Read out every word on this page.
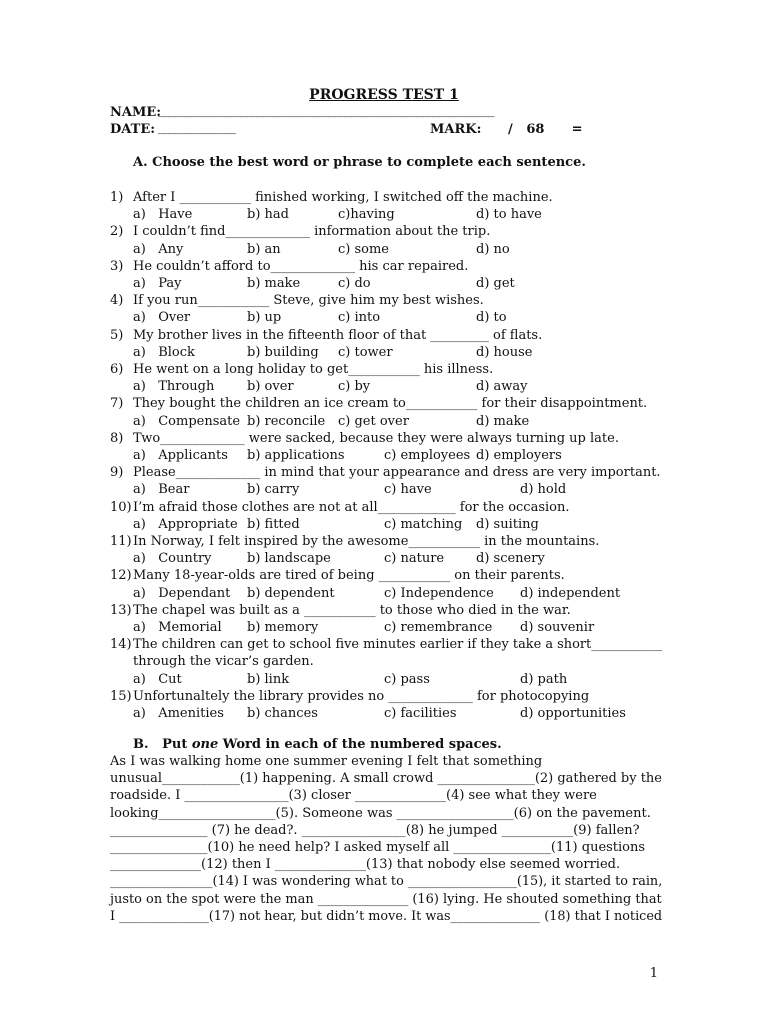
PROGRESS TEST 1
NAME:
_____________________________________________________________
DATE: ______________	MARK: /   68      =
A. Choose the best word or phrase to complete each sentence.
1) After I ___________ finished working, I switched off the machine.
a)   Have	b) had	c)having	d) to have
2) I couldn’t find_____________ information about the trip.
a)   Any	b) an	c) some	d) no
3) He couldn’t afford to_____________ his car repaired.
a)   Pay	b) make	c) do	d) get
4) If you run___________ Steve, give him my best wishes.
a)   Over	b) up	c) into	d) to
5) My brother lives in the fifteenth floor of that _________ of flats.
a)   Block	b) building c) tower	d) house
6) He went on a long holiday to get___________ his illness.
a)   Through	b) over	c) by	d) away
7) They bought the children an ice cream to___________ for their disappointment.
a)   Compensate b) reconcile c) get over	d) make
8) Two_____________ were sacked, because they were always turning up late.
a)   Applicants b) applications	c) employees d) employers
9) Please_____________ in mind that your appearance and dress are very important.
a)   Bear	b) carry	c) have	d) hold
10) I’m afraid those clothes are not at all____________ for the occasion.
a)   Appropriate b) fitted	c) matching d) suiting
11) In Norway, I felt inspired by the awesome___________ in the mountains.
a)   Country	b) landscape	c) nature d) scenery
12) Many 18-year-olds are tired of being ___________ on their parents.
a)   Dependant b) dependent	c) Independence d) independent
13) The chapel was built as a ___________ to those who died in the war.
a)   Memorial b) memory	c) remembrance d) souvenir
14) The children can get to school five minutes earlier if they take a short___________
through the vicar’s garden.
a)   Cut	b) link	c) pass	d) path
15) Unfortunaltely the library provides no _____________ for photocopying
a)   Amenities b) chances	c) facilities	d) opportunities
B.   Put one Word in each of the numbered spaces.
As I was walking home one summer evening I felt that something
unusual____________(1) happening. A small crowd _______________(2) gathered by the
roadside. I ________________(3) closer ______________(4) see what they were
looking__________________(5). Someone was __________________(6) on the pavement.
_______________ (7) he dead?. ________________(8) he jumped ___________(9) fallen?
_______________(10) he need help? I asked myself all _______________(11) questions
______________(12) then I ______________(13) that nobody else seemed worried.
________________(14) I was wondering what to _________________(15), it started to rain,
justo on the spot were the man ______________ (16) lying. He shouted something that
I ______________(17) not hear, but didn’t move. It was______________ (18) that I noticed
1
